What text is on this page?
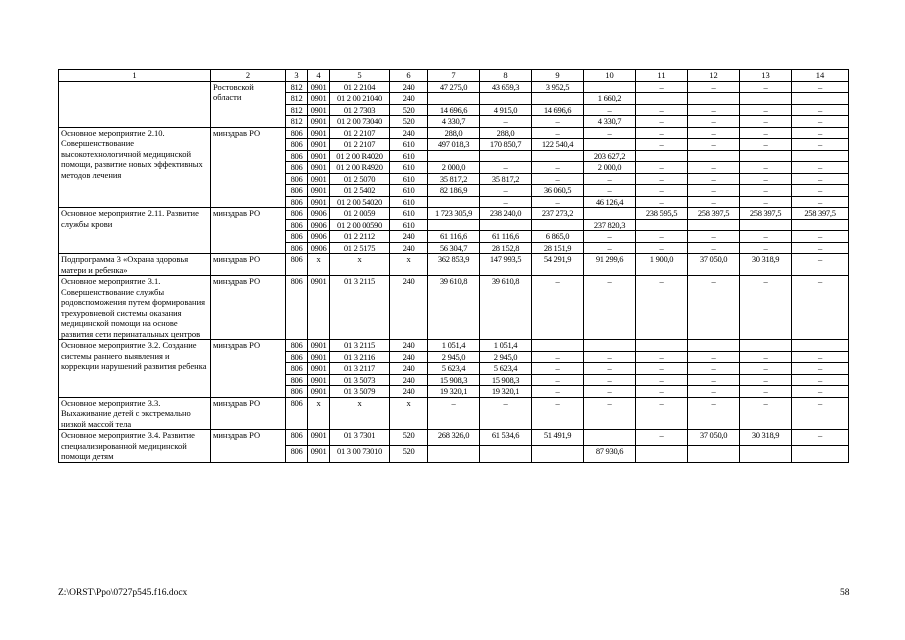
1	2	3	4	5	6	7	8	9	10	11	12	13	14
	Ростовской области	812	0901	01 2 2104	240	47 275,0	43 659,3	3 952,5		–	–	–	–
		812	0901	01 2 00 21040	240				1 660,2				
		812	0901	01 2 7303	520	14 696,6	4 915,0	14 696,6	–	–	–	–	–
		812	0901	01 2 00 73040	520	4 330,7	–	–	4 330,7	–	–	–	–
Основное мероприятие 2.10. Совершенствование высокотехнологичной медицинской помощи, развитие новых эффективных методов лечения	минздрав РО	806	0901	01 2 2107	240	288,0	288,0	–	–	–	–	–	–
		806	0901	01 2 2107	610	497 018,3	170 850,7	122 540,4		–	–	–	–
		806	0901	01 2 00 R4020	610				203 627,2				
		806	0901	01 2 00 R4920	610	2 000,0	–	–	2 000,0	–	–	–	–
		806	0901	01 2 5070	610	35 817,2	35 817,2	–	–	–	–	–	–
		806	0901	01 2 5402	610	82 186,9	–	36 060,5	–	–	–	–	–
		806	0901	01 2 00 54020	610		–	–	46 126,4	–	–	–	–
Основное мероприятие 2.11. Развитие службы крови	минздрав РО	806	0906	01 2 0059	610	1 723 305,9	238 240,0	237 273,2		238 595,5	258 397,5	258 397,5	258 397,5
		806	0906	01 2 00 00590	610				237 820,3				
		806	0906	01 2 2112	240	61 116,6	61 116,6	6 865,0	–	–	–	–	–
		806	0906	01 2 5175	240	56 304,7	28 152,8	28 151,9	–	–	–	–	–
Подпрограмма 3 «Охрана здоровья матери и ребенка»	минздрав РО	806	х	х	х	362 853,9	147 993,5	54 291,9	91 299,6	1 900,0	37 050,0	30 318,9	–
Основное мероприятие 3.1. Совершенствование службы родовспоможения путем формирования трехуровневой системы оказания медицинской помощи на основе развития сети перинатальных центров	минздрав РО	806	0901	01 3 2115	240	39 610,8	39 610,8	–	–	–	–	–	–
Основное мероприятие 3.2. Создание системы раннего выявления и коррекции нарушений развития ребенка	минздрав РО	806	0901	01 3 2115	240	1 051,4	1 051,4						
		806	0901	01 3 2116	240	2 945,0	2 945,0	–	–	–	–	–	–
		806	0901	01 3 2117	240	5 623,4	5 623,4	–	–	–	–	–	–
		806	0901	01 3 5073	240	15 908,3	15 908,3	–	–	–	–	–	–
		806	0901	01 3 5079	240	19 320,1	19 320,1	–	–	–	–	–	–
Основное мероприятие 3.3. Выхаживание детей с экстремально низкой массой тела	минздрав РО	806	х	х	х	–	–	–	–	–	–	–	–
Основное мероприятие 3.4. Развитие специализированной медицинской помощи детям	минздрав РО	806	0901	01 3 7301	520	268 326,0	61 534,6	51 491,9		–	37 050,0	30 318,9	–
		806	0901	01 3 00 73010	520				87 930,6				
Z:\ORST\Ppo\0727p545.f16.docx	58
